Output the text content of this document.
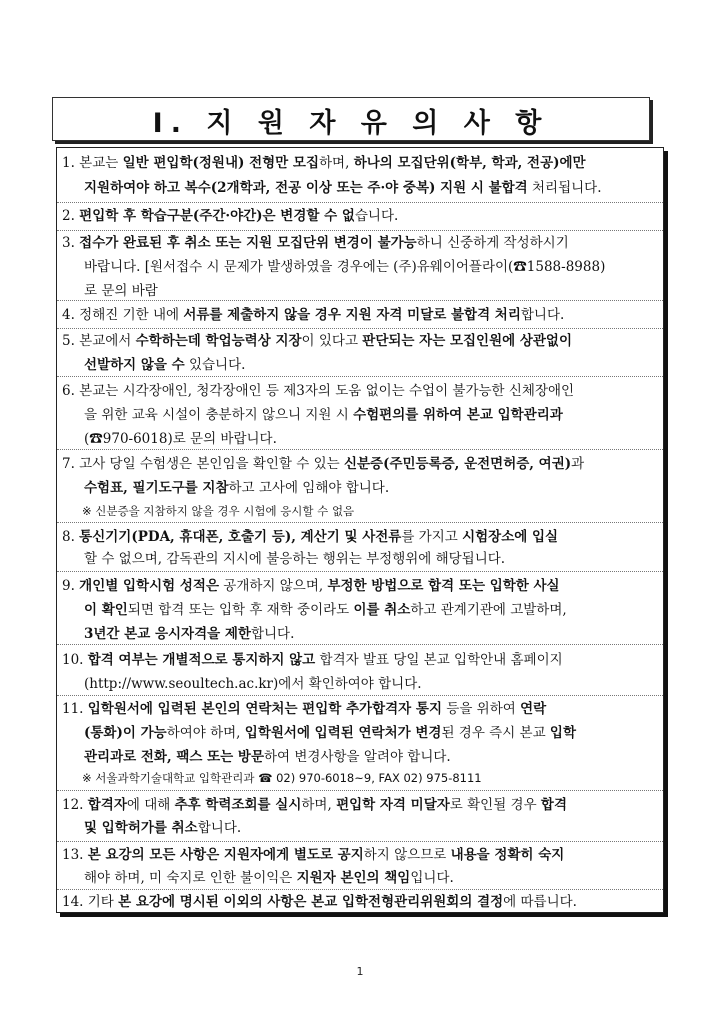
Ⅰ. 지 원 자 유 의 사 항
1. 본교는 일반 편입학(정원내) 전형만 모집하며, 하나의 모집단위(학부, 학과, 전공)에만
지원하여야 하고 복수(2개학과, 전공 이상 또는 주·야 중복) 지원 시 불합격 처리됩니다.
2. 편입학 후 학습구분(주간·야간)은 변경할 수 없습니다.
3. 접수가 완료된 후 취소 또는 지원 모집단위 변경이 불가능하니 신중하게 작성하시기
바랍니다. [원서접수 시 문제가 발생하였을 경우에는 (주)유웨이어플라이(☎1588-8988)
로 문의 바람
4. 정해진 기한 내에 서류를 제출하지 않을 경우 지원 자격 미달로 불합격 처리합니다.
5. 본교에서 수학하는데 학업능력상 지장이 있다고 판단되는 자는 모집인원에 상관없이
선발하지 않을 수 있습니다.
6. 본교는 시각장애인, 청각장애인 등 제3자의 도움 없이는 수업이 불가능한 신체장애인
을 위한 교육 시설이 충분하지 않으니 지원 시 수험편의를 위하여 본교 입학관리과
(☎970-6018)로 문의 바랍니다.
7. 고사 당일 수험생은 본인임을 확인할 수 있는 신분증(주민등록증, 운전면허증, 여권)과
수험표, 필기도구를 지참하고 고사에 임해야 합니다.
※ 신분증을 지참하지 않을 경우 시험에 응시할 수 없음
8. 통신기기(PDA, 휴대폰, 호출기 등), 계산기 및 사전류를 가지고 시험장소에 입실
할 수 없으며, 감독관의 지시에 불응하는 행위는 부정행위에 해당됩니다.
9. 개인별 입학시험 성적은 공개하지 않으며, 부정한 방법으로 합격 또는 입학한 사실
이 확인되면 합격 또는 입학 후 재학 중이라도 이를 취소하고 관계기관에 고발하며,
3년간 본교 응시자격을 제한합니다.
10. 합격 여부는 개별적으로 통지하지 않고 합격자 발표 당일 본교 입학안내 홈페이지
(http://www.seoultech.ac.kr)에서 확인하여야 합니다.
11. 입학원서에 입력된 본인의 연락처는 편입학 추가합격자 통지 등을 위하여 연락
(통화)이 가능하여야 하며, 입학원서에 입력된 연락처가 변경된 경우 즉시 본교 입학
관리과로 전화, 팩스 또는 방문하여 변경사항을 알려야 합니다.
※ 서울과학기술대학교 입학관리과 ☎ 02) 970-6018~9, FAX 02) 975-8111
12. 합격자에 대해 추후 학력조회를 실시하며, 편입학 자격 미달자로 확인될 경우 합격
및 입학허가를 취소합니다.
13. 본 요강의 모든 사항은 지원자에게 별도로 공지하지 않으므로 내용을 정확히 숙지
해야 하며, 미 숙지로 인한 불이익은 지원자 본인의 책임입니다.
14. 기타 본 요강에 명시된 이외의 사항은 본교 입학전형관리위원회의 결정에 따릅니다.
1
